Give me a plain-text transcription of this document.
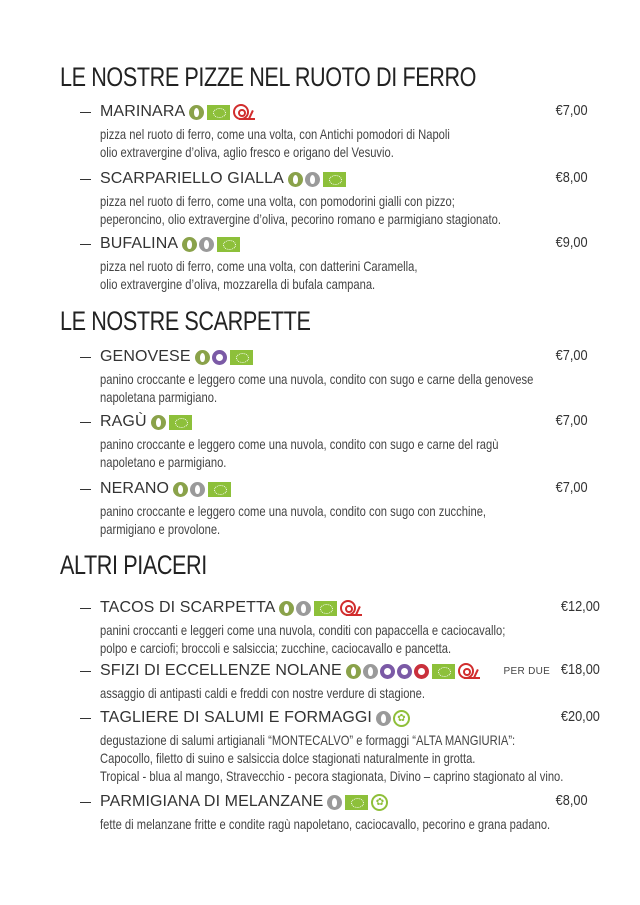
LE NOSTRE PIZZE NEL RUOTO DI FERRO
MARINARA	€7,00
pizza nel ruoto di ferro, come una volta, con Antichi pomodori di Napoli
olio extravergine d’oliva, aglio fresco e origano del Vesuvio.
SCARPARIELLO GIALLA	€8,00
pizza nel ruoto di ferro, come una volta, con pomodorini gialli con pizzo;
peperoncino, olio extravergine d’oliva, pecorino romano e parmigiano stagionato.
BUFALINA	€9,00
pizza nel ruoto di ferro, come una volta, con datterini Caramella,
olio extravergine d’oliva, mozzarella di bufala campana.
LE NOSTRE SCARPETTE
GENOVESE	€7,00
panino croccante e leggero come una nuvola, condito con sugo e carne della genovese
napoletana parmigiano.
RAGÙ	€7,00
panino croccante e leggero come una nuvola, condito con sugo e carne del ragù
napoletano e parmigiano.
NERANO	€7,00
panino croccante e leggero come una nuvola, condito con sugo con zucchine,
parmigiano e provolone.
ALTRI PIACERI
TACOS DI SCARPETTA	€12,00
panini croccanti e leggeri come una nuvola, conditi con papaccella e caciocavallo;
polpo e carciofi; broccoli e salsiccia; zucchine, caciocavallo e pancetta.
SFIZI DI ECCELLENZE NOLANE	PER DUE €18,00
assaggio di antipasti caldi e freddi con nostre verdure di stagione.
TAGLIERE DI SALUMI E FORMAGGI	✿	€20,00
degustazione di salumi artigianali “MONTECALVO” e formaggi “ALTA MANGIURIA”:
Capocollo, filetto di suino e salsiccia dolce stagionati naturalmente in grotta.
Tropical - blua al mango, Stravecchio - pecora stagionata, Divino – caprino stagionato al vino.
PARMIGIANA DI MELANZANE	✿	€8,00
fette di melanzane fritte e condite ragù napoletano, caciocavallo, pecorino e grana padano.
